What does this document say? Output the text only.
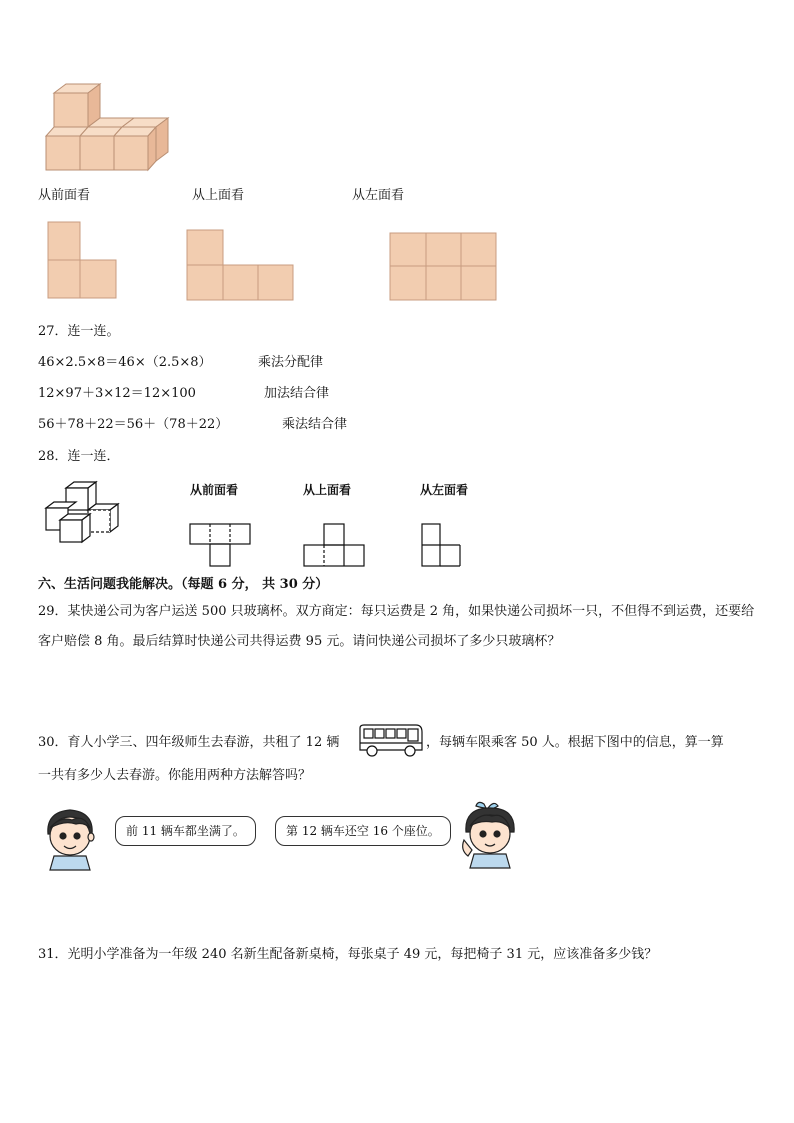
从前面看	从上面看	从左面看
27．连一连。
46×2.5×8＝46×（2.5×8）	乘法分配律
12×97＋3×12＝12×100	加法结合律
56＋78＋22＝56＋（78＋22）	乘法结合律
28．连一连．
从前面看	从上面看	从左面看
六、生活问题我能解决。（每题 6 分， 共 30 分）
29．某快递公司为客户运送 500 只玻璃杯。双方商定：每只运费是 2 角，如果快递公司损坏一只，不但得不到运费，还要给客户赔偿 8 角。最后结算时快递公司共得运费 95 元。请问快递公司损坏了多少只玻璃杯？
30．育人小学三、四年级师生去春游，共租了 12 辆	，每辆车限乘客 50 人。根据下图中的信息，算一算
一共有多少人去春游。你能用两种方法解答吗？
前 11 辆车都坐满了。	第 12 辆车还空 16 个座位。
31．光明小学准备为一年级 240 名新生配备新桌椅，每张桌子 49 元，每把椅子 31 元，应该准备多少钱？
